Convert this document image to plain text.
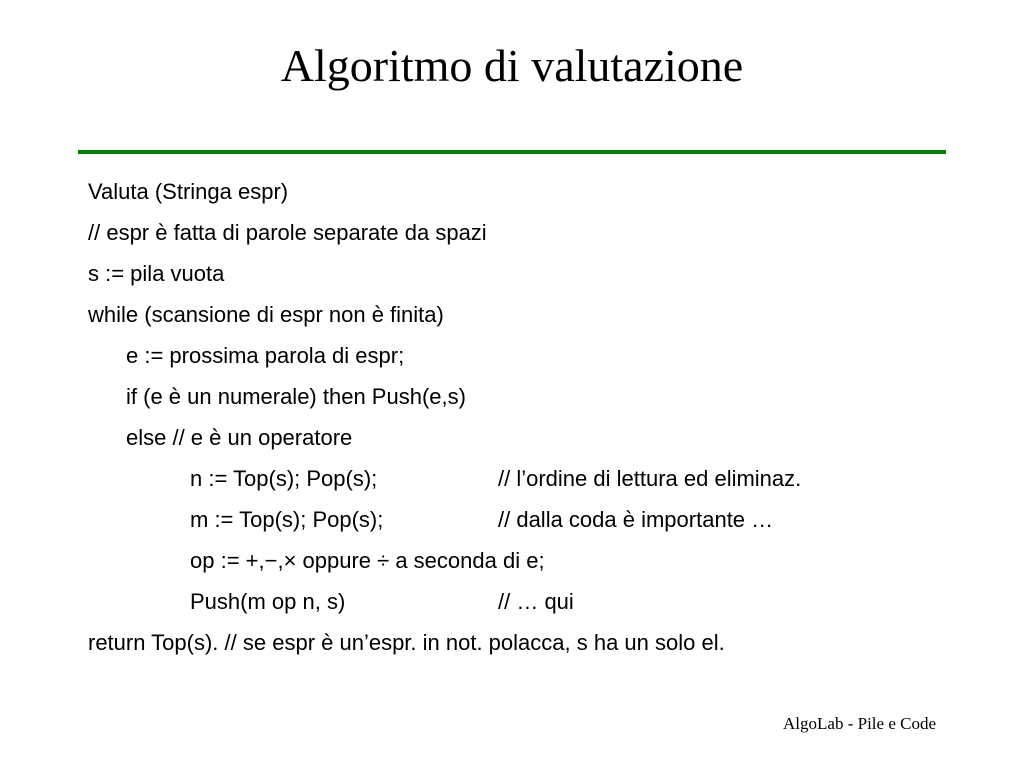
Algoritmo di valutazione
Valuta (Stringa espr)
// espr è fatta di parole separate da spazi
s := pila vuota
while (scansione di espr non è finita)
e := prossima parola di espr;
if (e è un numerale) then Push(e,s)
else // e è un operatore
n := Top(s); Pop(s);	// l’ordine di lettura ed eliminaz.
m := Top(s); Pop(s);	// dalla coda è importante …
op := +,−,× oppure ÷ a seconda di e;
Push(m op n, s)	// … qui
return Top(s). // se espr è un’espr. in not. polacca, s ha un solo el.
AlgoLab - Pile e Code
